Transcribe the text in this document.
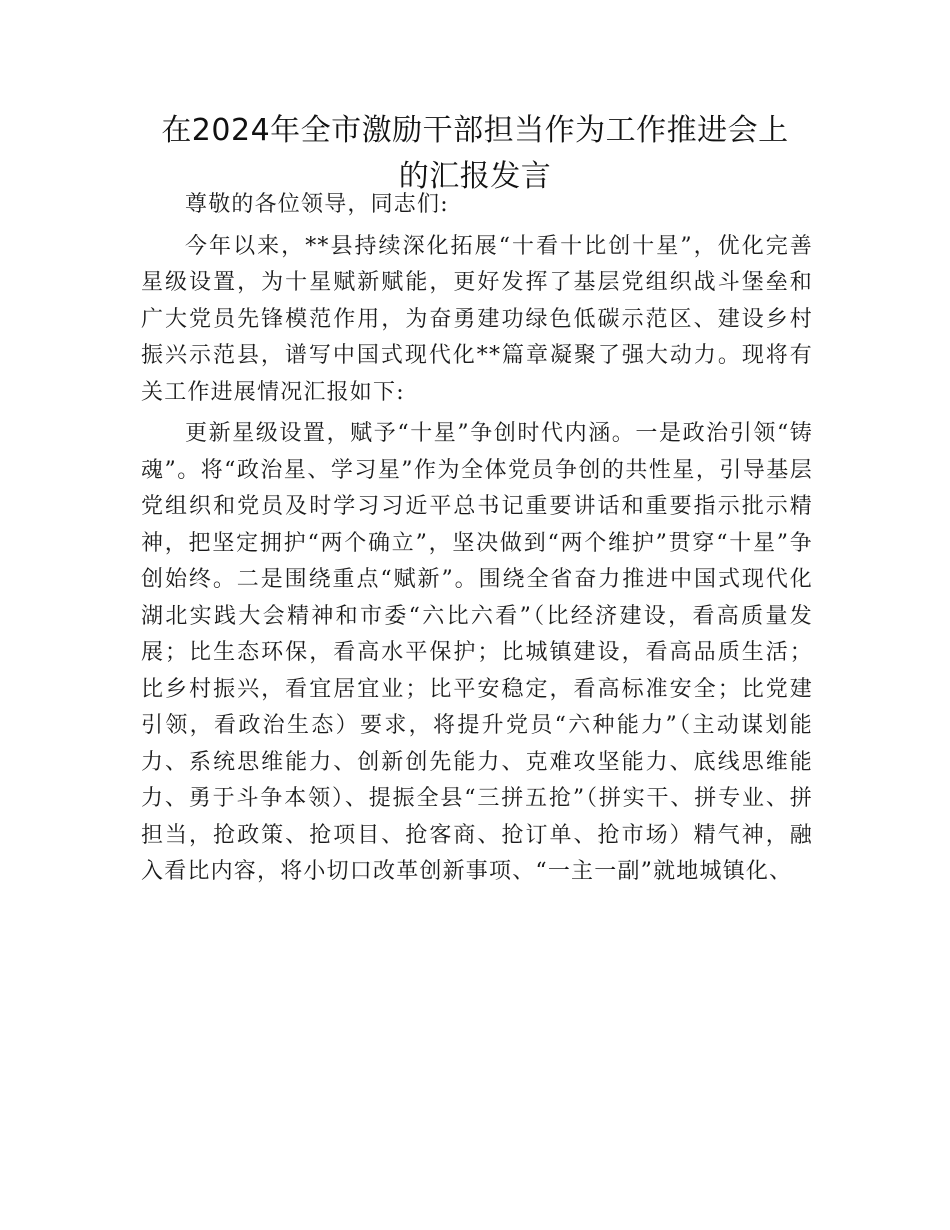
在2024年全市激励干部担当作为工作推进会上
的汇报发言

尊敬的各位领导，同志们:

今年以来，**县持续深化拓展“十看十比创十星”，优化完善星级设置，为十星赋新赋能，更好发挥了基层党组织战斗堡垒和广大党员先锋模范作用，为奋勇建功绿色低碳示范区、建设乡村振兴示范县，谱写中国式现代化**篇章凝聚了强大动力。现将有关工作进展情况汇报如下:

更新星级设置，赋予“十星”争创时代内涵。一是政治引领“铸魂”。将“政治星、学习星”作为全体党员争创的共性星，引导基层党组织和党员及时学习习近平总书记重要讲话和重要指示批示精神，把坚定拥护“两个确立”，坚决做到“两个维护”贯穿“十星”争创始终。二是围绕重点“赋新”。围绕全省奋力推进中国式现代化湖北实践大会精神和市委“六比六看”（比经济建设，看高质量发展；比生态环保，看高水平保护；比城镇建设，看高品质生活；比乡村振兴，看宜居宜业；比平安稳定，看高标准安全；比党建引领，看政治生态）要求，将提升党员“六种能力”（主动谋划能力、系统思维能力、创新创先能力、克难攻坚能力、底线思维能力、勇于斗争本领）、提振全县“三拼五抢”（拼实干、拼专业、拼担当，抢政策、抢项目、抢客商、抢订单、抢市场）精气神，融入看比内容，将小切口改革创新事项、“一主一副”就地城镇化、
